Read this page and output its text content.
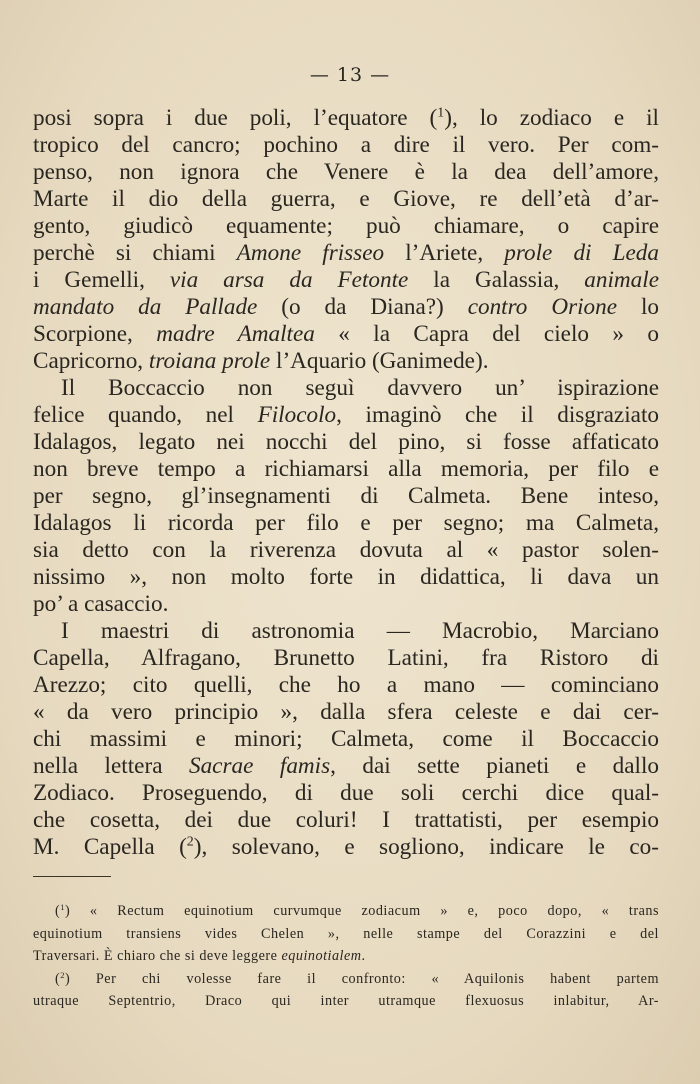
— 13 —
posi sopra i due poli, l’equatore ($^1$), lo zodiaco e il
tropico del cancro; pochino a dire il vero. Per com-
penso, non ignora che Venere è la dea dell’amore,
Marte il dio della guerra, e Giove, re dell’età d’ar-
gento, giudicò equamente; può chiamare, o capire
perchè si chiami Amone frisseo l’Ariete, prole di Leda
i Gemelli, via arsa da Fetonte la Galassia, animale
mandato da Pallade (o da Diana?) contro Orione lo
Scorpione, madre Amaltea « la Capra del cielo » o
Capricorno, troiana prole l’Aquario (Ganimede).
Il Boccaccio non seguì davvero un’ ispirazione
felice quando, nel Filocolo, imaginò che il disgraziato
Idalagos, legato nei nocchi del pino, si fosse affaticato
non breve tempo a richiamarsi alla memoria, per filo e
per segno, gl’insegnamenti di Calmeta. Bene inteso,
Idalagos li ricorda per filo e per segno; ma Calmeta,
sia detto con la riverenza dovuta al « pastor solen-
nissimo », non molto forte in didattica, li dava un
po’ a casaccio.
I maestri di astronomia — Macrobio, Marciano
Capella, Alfragano, Brunetto Latini, fra Ristoro di
Arezzo; cito quelli, che ho a mano — cominciano
« da vero principio », dalla sfera celeste e dai cer-
chi massimi e minori; Calmeta, come il Boccaccio
nella lettera Sacrae famis, dai sette pianeti e dallo
Zodiaco. Proseguendo, di due soli cerchi dice qual-
che cosetta, dei due coluri! I trattatisti, per esempio
M. Capella ($^2$), solevano, e sogliono, indicare le co-
($^1$) « Rectum equinotium curvumque zodiacum » e, poco dopo, « trans
equinotium transiens vides Chelen », nelle stampe del Corazzini e del
Traversari. È chiaro che si deve leggere equinotialem.
($^2$) Per chi volesse fare il confronto: « Aquilonis habent partem
utraque Septentrio, Draco qui inter utramque flexuosus inlabitur, Ar-
